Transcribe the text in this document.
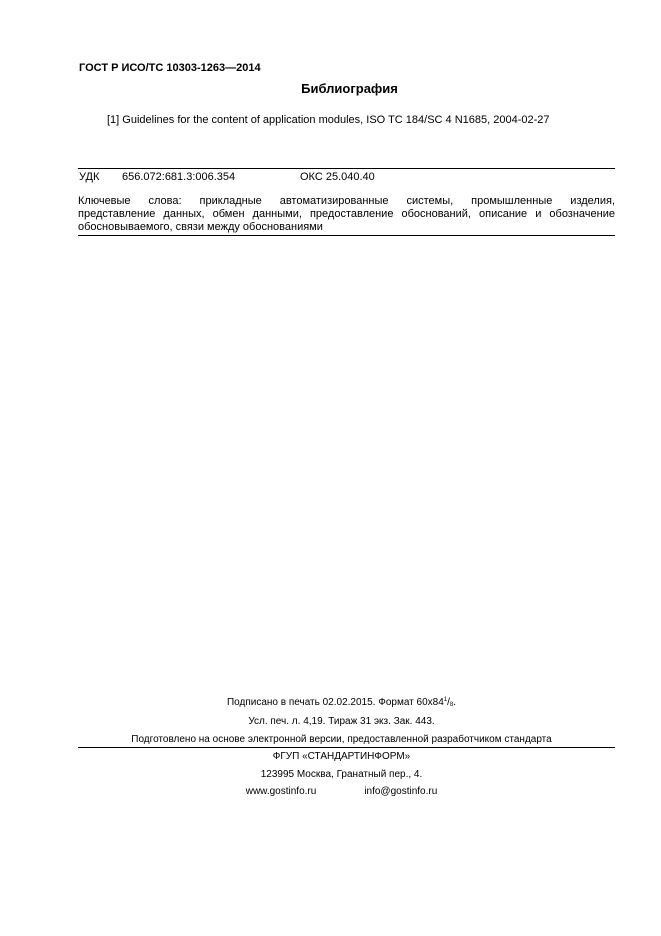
ГОСТ Р ИСО/ТС 10303-1263—2014
Библиография
[1] Guidelines for the content of application modules, ISO TC 184/SC 4 N1685, 2004-02-27
УДК 656.072:681.3:006.354	ОКС 25.040.40
Ключевые слова: прикладные автоматизированные системы, промышленные изделия,
представление данных, обмен данными, предоставление обоснований, описание и обозначение
обосновываемого, связи между обоснованиями
Подписано в печать 02.02.2015. Формат $60х84^1/8$.
Усл. печ. л. 4,19. Тираж 31 экз. Зак. 443.
Подготовлено на основе электронной версии, предоставленной разработчиком стандарта
ФГУП «СТАНДАРТИНФОРМ»
123995 Москва, Гранатный пер., 4.
www.gostinfo.ru	info@gostinfo.ru
